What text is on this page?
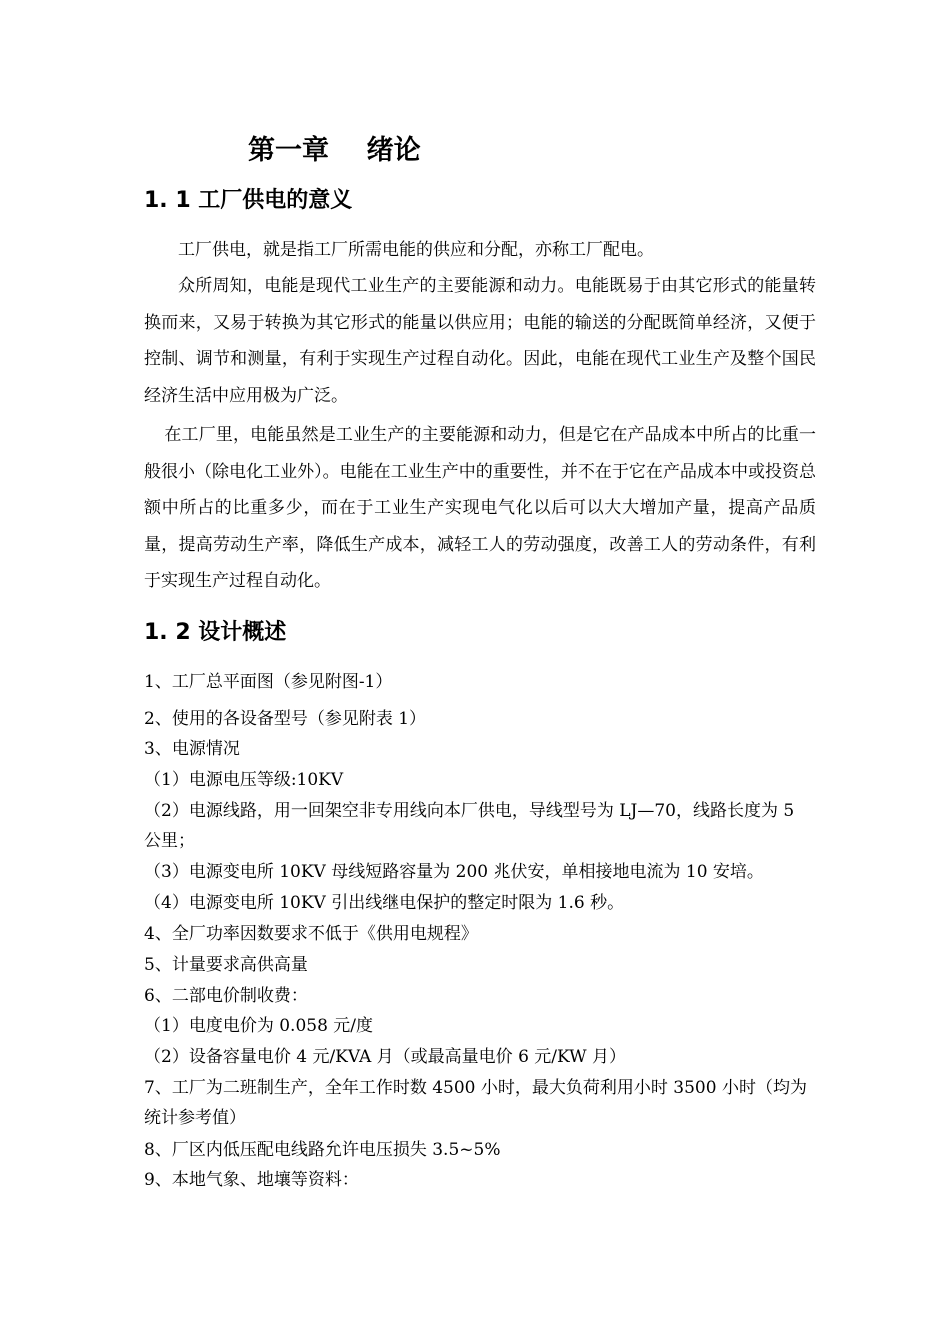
第一章    绪论
1. 1 工厂供电的意义
工厂供电，就是指工厂所需电能的供应和分配，亦称工厂配电。
众所周知，电能是现代工业生产的主要能源和动力。电能既易于由其它形式的能量转换而来，又易于转换为其它形式的能量以供应用；电能的输送的分配既简单经济，又便于控制、调节和测量，有利于实现生产过程自动化。因此，电能在现代工业生产及整个国民经济生活中应用极为广泛。
在工厂里，电能虽然是工业生产的主要能源和动力，但是它在产品成本中所占的比重一般很小（除电化工业外）。电能在工业生产中的重要性，并不在于它在产品成本中或投资总额中所占的比重多少，而在于工业生产实现电气化以后可以大大增加产量，提高产品质量，提高劳动生产率，降低生产成本，减轻工人的劳动强度，改善工人的劳动条件，有利于实现生产过程自动化。
1. 2 设计概述
1、工厂总平面图（参见附图-1）
2、使用的各设备型号（参见附表 1）
3、电源情况
（1）电源电压等级:10KV
（2）电源线路，用一回架空非专用线向本厂供电，导线型号为 LJ—70，线路长度为 5 公里；
（3）电源变电所 10KV 母线短路容量为 200 兆伏安，单相接地电流为 10 安培。
（4）电源变电所 10KV 引出线继电保护的整定时限为 1.6 秒。
4、全厂功率因数要求不低于《供用电规程》
5、计量要求高供高量
6、二部电价制收费：
（1）电度电价为 0.058 元/度
（2）设备容量电价 4 元/KVA 月（或最高量电价 6 元/KW 月）
7、工厂为二班制生产，全年工作时数 4500 小时，最大负荷利用小时 3500 小时（均为统计参考值）
8、厂区内低压配电线路允许电压损失 3.5~5%
9、本地气象、地壤等资料：
